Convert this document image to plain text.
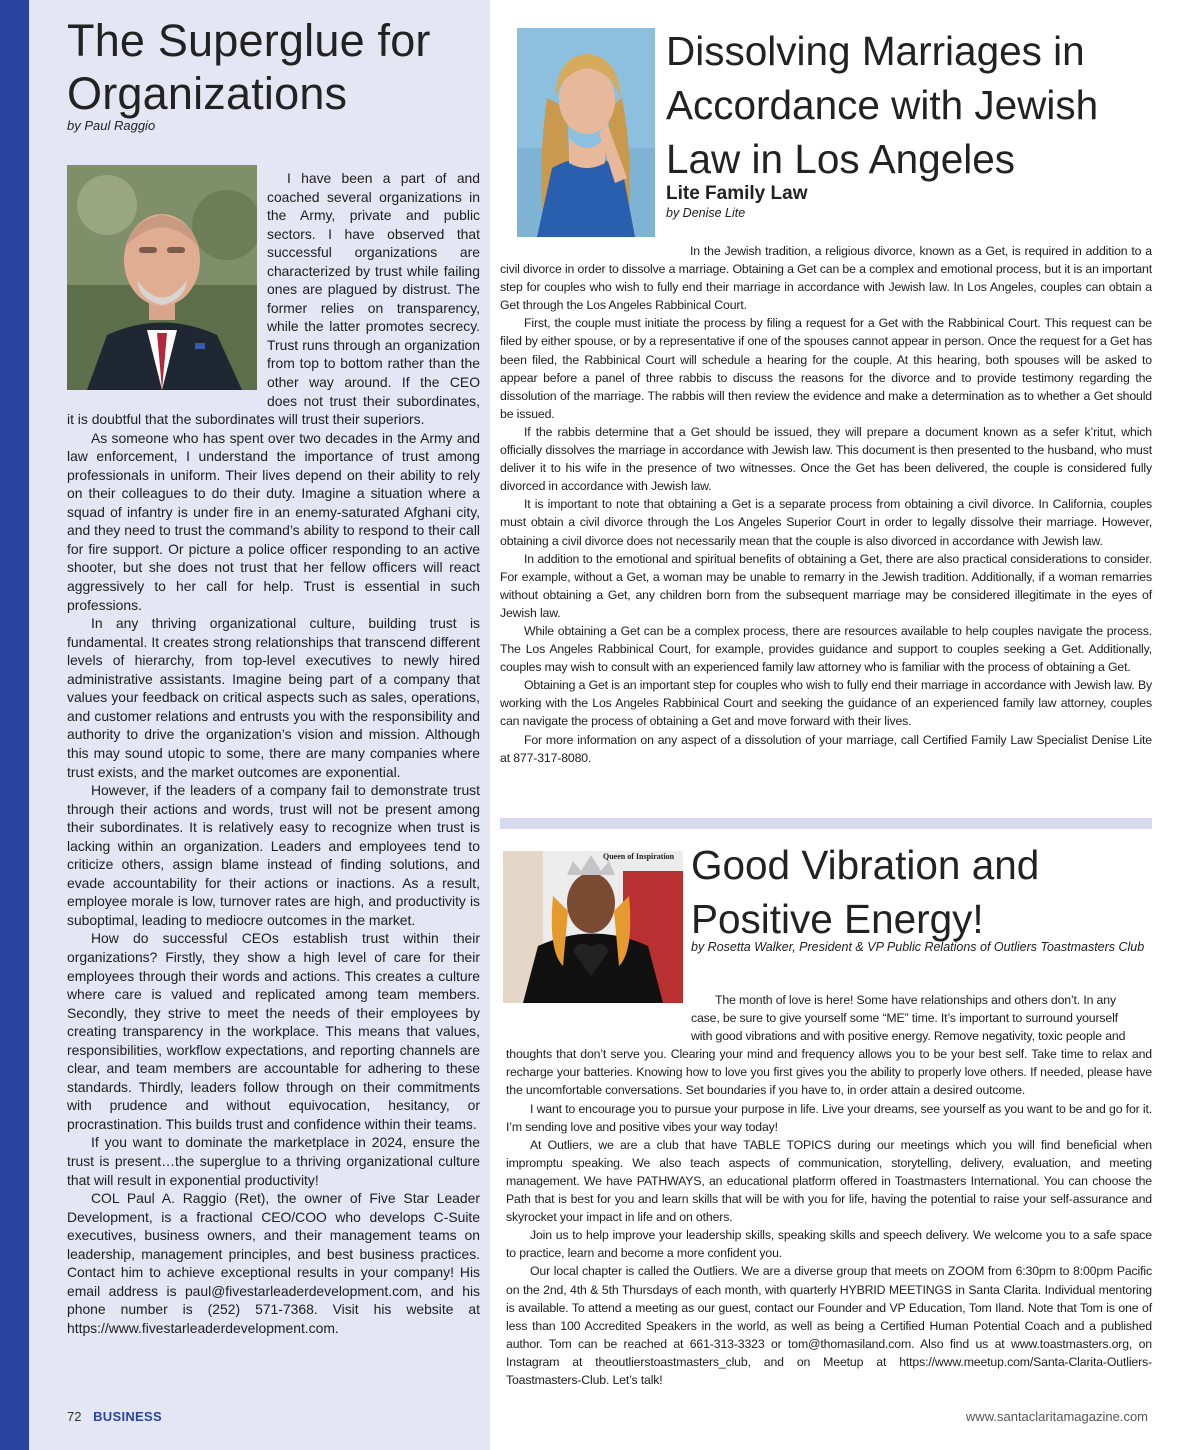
The Superglue for
Organizations
by Paul Raggio

I have been a part of and coached several organizations in the Army, private and public sectors. I have observed that successful organizations are characterized by trust while failing ones are plagued by distrust. The former relies on transparency, while the latter promotes secrecy. Trust runs through an organization from top to bottom rather than the other way around. If the CEO does not trust their subordinates, it is doubtful that the subordinates will trust their superiors.

As someone who has spent over two decades in the Army and law enforcement, I understand the importance of trust among professionals in uniform. Their lives depend on their ability to rely on their colleagues to do their duty. Imagine a situation where a squad of infantry is under fire in an enemy-saturated Afghani city, and they need to trust the command’s ability to respond to their call for fire support. Or picture a police officer responding to an active shooter, but she does not trust that her fellow officers will react aggressively to her call for help. Trust is essential in such professions.

In any thriving organizational culture, building trust is fundamental. It creates strong relationships that transcend different levels of hierarchy, from top-level executives to newly hired administrative assistants. Imagine being part of a company that values your feedback on critical aspects such as sales, operations, and customer relations and entrusts you with the responsibility and authority to drive the organization’s vision and mission. Although this may sound utopic to some, there are many companies where trust exists, and the market outcomes are exponential.

However, if the leaders of a company fail to demonstrate trust through their actions and words, trust will not be present among their subordinates. It is relatively easy to recognize when trust is lacking within an organization. Leaders and employees tend to criticize others, assign blame instead of finding solutions, and evade accountability for their actions or inactions. As a result, employee morale is low, turnover rates are high, and productivity is suboptimal, leading to mediocre outcomes in the market.

How do successful CEOs establish trust within their organizations? Firstly, they show a high level of care for their employees through their words and actions. This creates a culture where care is valued and replicated among team members. Secondly, they strive to meet the needs of their employees by creating transparency in the workplace. This means that values, responsibilities, workflow expectations, and reporting channels are clear, and team members are accountable for adhering to these standards. Thirdly, leaders follow through on their commitments with prudence and without equivocation, hesitancy, or procrastination. This builds trust and confidence within their teams.

If you want to dominate the marketplace in 2024, ensure the trust is present…the superglue to a thriving organizational culture that will result in exponential productivity!

COL Paul A. Raggio (Ret), the owner of Five Star Leader Development, is a fractional CEO/COO who develops C-Suite executives, business owners, and their management teams on leadership, management principles, and best business practices. Contact him to achieve exceptional results in your company! His email address is paul@fivestarleaderdevelopment.com, and his phone number is (252) 571-7368. Visit his website at https://www.fivestarleaderdevelopment.com.

Dissolving Marriages in
Accordance with Jewish
Law in Los Angeles
Lite Family Law
by Denise Lite

In the Jewish tradition, a religious divorce, known as a Get, is required in addition to a civil divorce in order to dissolve a marriage. Obtaining a Get can be a complex and emotional process, but it is an important step for couples who wish to fully end their marriage in accordance with Jewish law. In Los Angeles, couples can obtain a Get through the Los Angeles Rabbinical Court.

First, the couple must initiate the process by filing a request for a Get with the Rabbinical Court. This request can be filed by either spouse, or by a representative if one of the spouses cannot appear in person. Once the request for a Get has been filed, the Rabbinical Court will schedule a hearing for the couple. At this hearing, both spouses will be asked to appear before a panel of three rabbis to discuss the reasons for the divorce and to provide testimony regarding the dissolution of the marriage. The rabbis will then review the evidence and make a determination as to whether a Get should be issued.

If the rabbis determine that a Get should be issued, they will prepare a document known as a sefer k’ritut, which officially dissolves the marriage in accordance with Jewish law. This document is then presented to the husband, who must deliver it to his wife in the presence of two witnesses. Once the Get has been delivered, the couple is considered fully divorced in accordance with Jewish law.

It is important to note that obtaining a Get is a separate process from obtaining a civil divorce. In California, couples must obtain a civil divorce through the Los Angeles Superior Court in order to legally dissolve their marriage. However, obtaining a civil divorce does not necessarily mean that the couple is also divorced in accordance with Jewish law.

In addition to the emotional and spiritual benefits of obtaining a Get, there are also practical considerations to consider. For example, without a Get, a woman may be unable to remarry in the Jewish tradition. Additionally, if a woman remarries without obtaining a Get, any children born from the subsequent marriage may be considered illegitimate in the eyes of Jewish law.

While obtaining a Get can be a complex process, there are resources available to help couples navigate the process. The Los Angeles Rabbinical Court, for example, provides guidance and support to couples seeking a Get. Additionally, couples may wish to consult with an experienced family law attorney who is familiar with the process of obtaining a Get.

Obtaining a Get is an important step for couples who wish to fully end their marriage in accordance with Jewish law. By working with the Los Angeles Rabbinical Court and seeking the guidance of an experienced family law attorney, couples can navigate the process of obtaining a Get and move forward with their lives.

For more information on any aspect of a dissolution of your marriage, call Certified Family Law Specialist Denise Lite at 877-317-8080.

Queen of Inspiration Good Vibration and
Positive Energy!
by Rosetta Walker, President & VP Public Relations of Outliers Toastmasters Club

The month of love is here! Some have relationships and others don’t. In any
case, be sure to give yourself some “ME” time. It’s important to surround yourself
with good vibrations and with positive energy. Remove negativity, toxic people and

thoughts that don’t serve you. Clearing your mind and frequency allows you to be your best self. Take time to relax and recharge your batteries. Knowing how to love you first gives you the ability to properly love others. If needed, please have the uncomfortable conversations. Set boundaries if you have to, in order attain a desired outcome.

I want to encourage you to pursue your purpose in life. Live your dreams, see yourself as you want to be and go for it. I’m sending love and positive vibes your way today!

At Outliers, we are a club that have TABLE TOPICS during our meetings which you will find beneficial when impromptu speaking. We also teach aspects of communication, storytelling, delivery, evaluation, and meeting management. We have PATHWAYS, an educational platform offered in Toastmasters International. You can choose the Path that is best for you and learn skills that will be with you for life, having the potential to raise your self-assurance and skyrocket your impact in life and on others.

Join us to help improve your leadership skills, speaking skills and speech delivery. We welcome you to a safe space to practice, learn and become a more confident you.

Our local chapter is called the Outliers. We are a diverse group that meets on ZOOM from 6:30pm to 8:00pm Pacific on the 2nd, 4th & 5th Thursdays of each month, with quarterly HYBRID MEETINGS in Santa Clarita. Individual mentoring is available. To attend a meeting as our guest, contact our Founder and VP Education, Tom Iland. Note that Tom is one of less than 100 Accredited Speakers in the world, as well as being a Certified Human Potential Coach and a published author. Tom can be reached at 661-313-3323 or tom@thomasiland.com. Also find us at www.toastmasters.org, on Instagram at theoutlierstoastmasters_club, and on Meetup at https://www.meetup.com/Santa-Clarita-Outliers-Toastmasters-Club. Let’s talk!

72 BUSINESS	www.santaclaritamagazine.com
